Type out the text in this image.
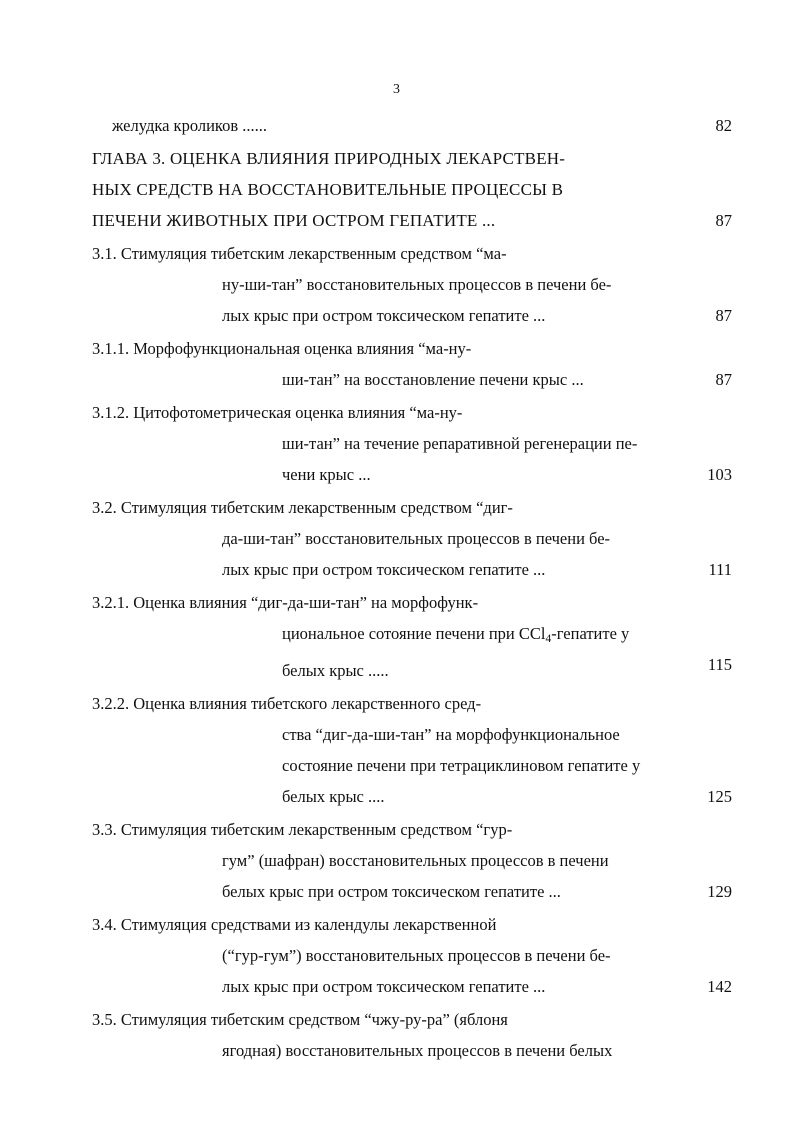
3
желудка кроликов ......	82
ГЛАВА 3. ОЦЕНКА ВЛИЯНИЯ ПРИРОДНЫХ ЛЕКАРСТВЕН-
НЫХ СРЕДСТВ НА ВОССТАНОВИТЕЛЬНЫЕ ПРОЦЕССЫ В
ПЕЧЕНИ ЖИВОТНЫХ ПРИ ОСТРОМ ГЕПАТИТЕ ...	87
3.1. Стимуляция тибетским лекарственным средством “ма-
ну-ши-тан” восстановительных процессов в печени бе-
лых крыс при остром токсическом гепатите ...	87
3.1.1. Морфофункциональная оценка влияния “ма-ну-
ши-тан” на восстановление печени крыс ...	87
3.1.2. Цитофотометрическая оценка влияния “ма-ну-
ши-тан” на течение репаративной регенерации пе-
чени крыс ...	103
3.2. Стимуляция тибетским лекарственным средством “диг-
да-ши-тан” восстановительных процессов в печени бе-
лых крыс при остром токсическом гепатите ...	111
3.2.1. Оценка влияния “диг-да-ши-тан” на морфофунк-
циональное сотояние печени при CCl$_4$-гепатите у
белых крыс .....	115
3.2.2. Оценка влияния тибетского лекарственного сред-
ства “диг-да-ши-тан” на морфофункциональное
состояние печени при тетрациклиновом гепатите у
белых крыс ....	125
3.3. Стимуляция тибетским лекарственным средством “гур-
гум” (шафран) восстановительных процессов в печени
белых крыс при остром токсическом гепатите ...	129
3.4. Стимуляция средствами из календулы лекарственной
(“гур-гум”) восстановительных процессов в печени бе-
лых крыс при остром токсическом гепатите ...	142
3.5. Стимуляция тибетским средством “чжу-ру-ра” (яблоня
ягодная) восстановительных процессов в печени белых
